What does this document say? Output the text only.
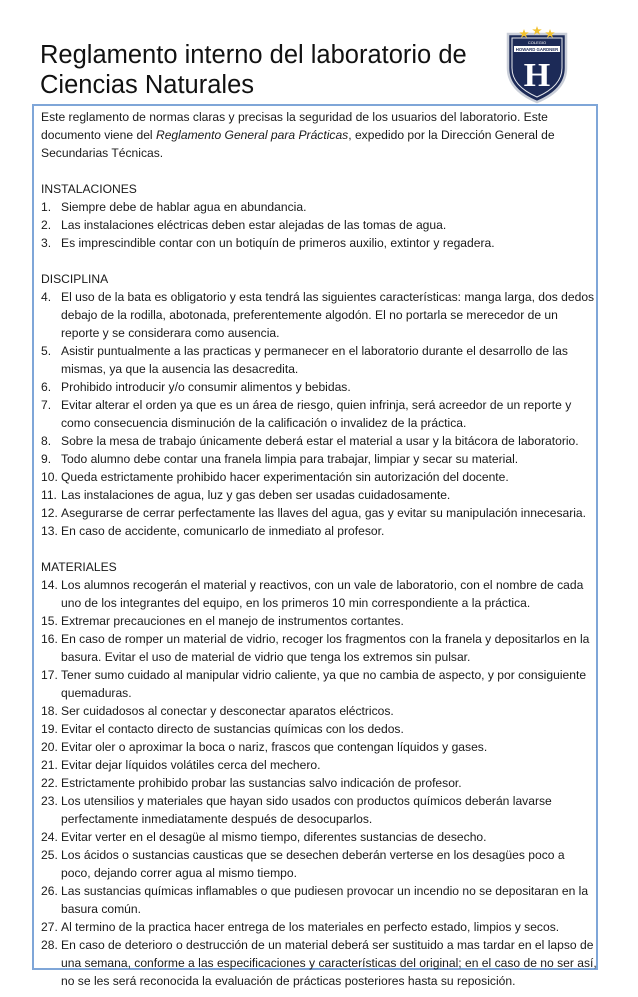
Reglamento interno del laboratorio de Ciencias Naturales
COLEGIO
HOWARD GARDNER
H

Este reglamento de normas claras y precisas la seguridad de los usuarios del laboratorio. Este documento viene del Reglamento General para Prácticas, expedido por la Dirección General de Secundarias Técnicas.

INSTALACIONES

1. Siempre debe de hablar agua en abundancia.
2. Las instalaciones eléctricas deben estar alejadas de las tomas de agua.
3. Es imprescindible contar con un botiquín de primeros auxilio, extintor y regadera.

DISCIPLINA

4. El uso de la bata es obligatorio y esta tendrá las siguientes características: manga larga, dos dedos debajo de la rodilla, abotonada, preferentemente algodón. El no portarla se merecedor de un reporte y se considerara como ausencia.
5. Asistir puntualmente a las practicas y permanecer en el laboratorio durante el desarrollo de las mismas, ya que la ausencia las desacredita.
6. Prohibido introducir y/o consumir alimentos y bebidas.
7. Evitar alterar el orden ya que es un área de riesgo, quien infrinja, será acreedor de un reporte y como consecuencia disminución de la calificación o invalidez de la práctica.
8. Sobre la mesa de trabajo únicamente deberá estar el material a usar y la bitácora de laboratorio.
9. Todo alumno debe contar una franela limpia para trabajar, limpiar y secar su material.
10. Queda estrictamente prohibido hacer experimentación sin autorización del docente.
11. Las instalaciones de agua, luz y gas deben ser usadas cuidadosamente.
12. Asegurarse de cerrar perfectamente las llaves del agua, gas y evitar su manipulación innecesaria.
13. En caso de accidente, comunicarlo de inmediato al profesor.

MATERIALES

14. Los alumnos recogerán el material y reactivos, con un vale de laboratorio, con el nombre de cada uno de los integrantes del equipo, en los primeros 10 min correspondiente a la práctica.
15. Extremar precauciones en el manejo de instrumentos cortantes.
16. En caso de romper un material de vidrio, recoger los fragmentos con la franela y depositarlos en la basura. Evitar el uso de material de vidrio que tenga los extremos sin pulsar.
17. Tener sumo cuidado al manipular vidrio caliente, ya que no cambia de aspecto, y por consiguiente quemaduras.
18. Ser cuidadosos al conectar y desconectar aparatos eléctricos.
19. Evitar el contacto directo de sustancias químicas con los dedos.
20. Evitar oler o aproximar la boca o nariz, frascos que contengan líquidos y gases.
21. Evitar dejar líquidos volátiles cerca del mechero.
22. Estrictamente prohibido probar las sustancias salvo indicación de profesor.
23. Los utensilios y materiales que hayan sido usados con productos químicos deberán lavarse perfectamente inmediatamente después de desocuparlos.
24. Evitar verter en el desagüe al mismo tiempo, diferentes sustancias de desecho.
25. Los ácidos o sustancias causticas que se desechen deberán verterse en los desagües poco a poco, dejando correr agua al mismo tiempo.
26. Las sustancias químicas inflamables o que pudiesen provocar un incendio no se depositaran en la basura común.
27. Al termino de la practica hacer entrega de los materiales en perfecto estado, limpios y secos.
28. En caso de deterioro o destrucción de un material deberá ser sustituido a mas tardar en el lapso de una semana, conforme a las especificaciones y características del original; en el caso de no ser así, no se les será reconocida la evaluación de prácticas posteriores hasta su reposición.
